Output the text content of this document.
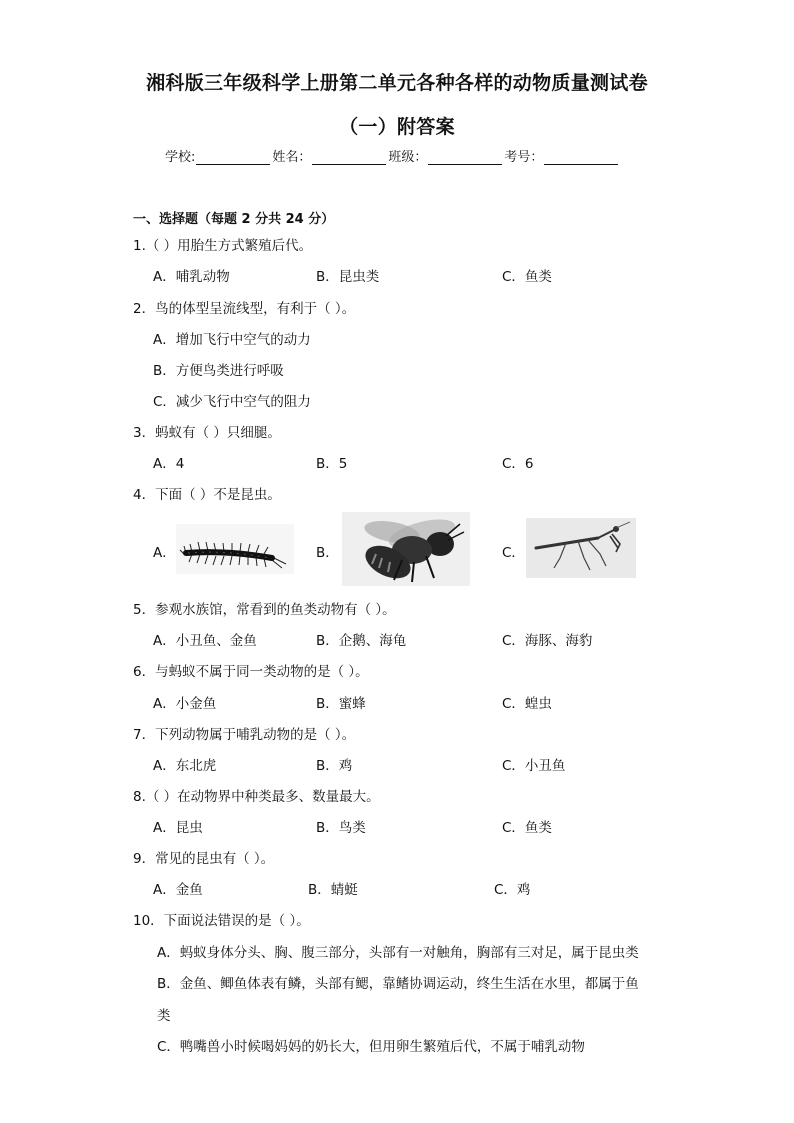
湘科版三年级科学上册第二单元各种各样的动物质量测试卷
（一）附答案
学校:	姓名：	班级：	考号：
一、选择题（每题 2 分共 24 分）
1.（ ）用胎生方式繁殖后代。
A．哺乳动物	B．昆虫类	C．鱼类
2．鸟的体型呈流线型，有利于（ ）。
A．增加飞行中空气的动力
B．方便鸟类进行呼吸
C．减少飞行中空气的阻力
3．蚂蚁有（ ）只细腿。
A．4	B．5	C．6
4．下面（ ）不是昆虫。
A．	B．	C．
5．参观水族馆，常看到的鱼类动物有（ ）。
A．小丑鱼、金鱼	B．企鹅、海龟	C．海豚、海豹
6．与蚂蚁不属于同一类动物的是（ ）。
A．小金鱼	B．蜜蜂	C．蝗虫
7．下列动物属于哺乳动物的是（ ）。
A．东北虎	B．鸡	C．小丑鱼
8.（ ）在动物界中种类最多、数量最大。
A．昆虫	B．鸟类	C．鱼类
9．常见的昆虫有（ ）。
A．金鱼	B．蜻蜓	C．鸡
10．下面说法错误的是（ ）。
A．蚂蚁身体分头、胸、腹三部分，头部有一对触角，胸部有三对足，属于昆虫类
B．金鱼、鲫鱼体表有鳞，头部有鳃，靠鳍协调运动，终生生活在水里，都属于鱼
类
C．鸭嘴兽小时候喝妈妈的奶长大，但用卵生繁殖后代，不属于哺乳动物
